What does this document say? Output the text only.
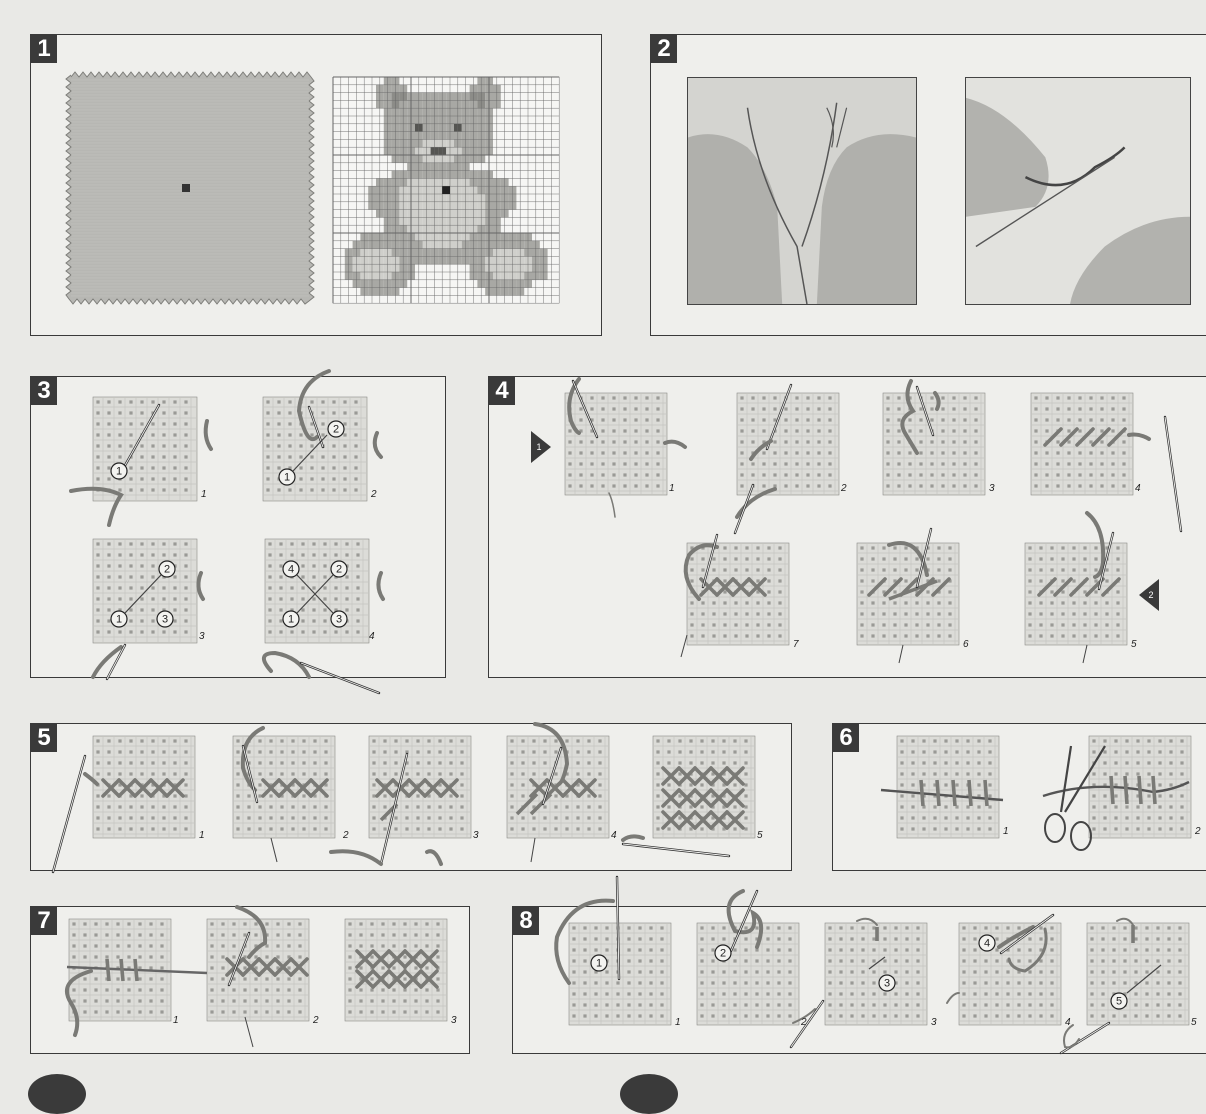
1	2
3
1
1
2
1
2
2
1	3
3
4	2
1	3
4
4
1
2
1	2	3	4
5
6
7
5
1	2	3	4	5
6
1	2
7
1	2	3
8
1
1
2
2
3
3
4
4
5
5
